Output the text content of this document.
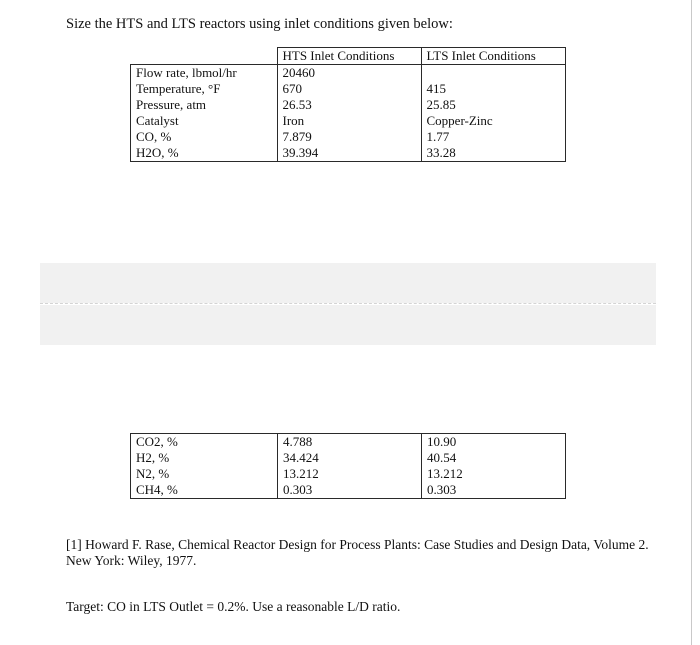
Size the HTS and LTS reactors using inlet conditions given below:
	HTS Inlet Conditions	LTS Inlet Conditions
Flow rate, lbmol/hr	20460	
Temperature, °F	670	415
Pressure, atm	26.53	25.85
Catalyst	Iron	Copper-Zinc
CO, %	7.879	1.77
H2O, %	39.394	33.28
CO2, %	4.788	10.90
H2, %	34.424	40.54
N2, %	13.212	13.212
CH4, %	0.303	0.303
[1] Howard F. Rase, Chemical Reactor Design for Process Plants: Case Studies and Design Data, Volume 2. New York: Wiley, 1977.
Target: CO in LTS Outlet = 0.2%. Use a reasonable L/D ratio.
